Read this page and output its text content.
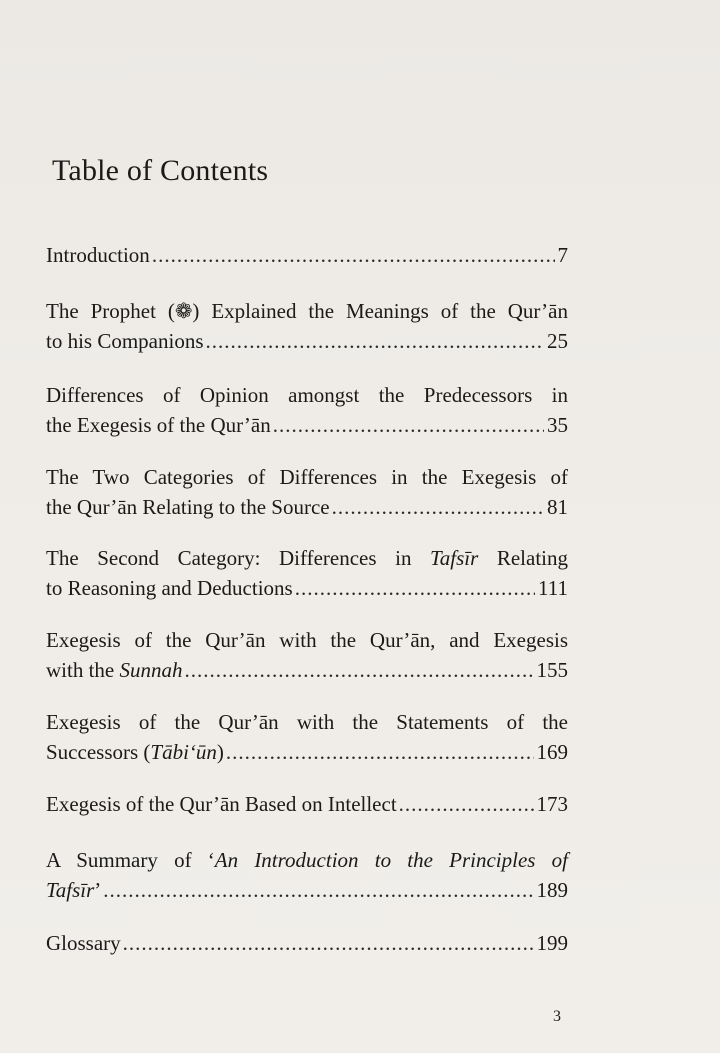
Table of Contents
Introduction .....	7
The Prophet (❁) Explained the Meanings of the Qur’ān
to his Companions .....	25
Differences of Opinion amongst the Predecessors in
the Exegesis of the Qur’ān .....	35
The Two Categories of Differences in the Exegesis of
the Qur’ān Relating to the Source .....	81
The Second Category: Differences in Tafsīr Relating
to Reasoning and Deductions .....	111
Exegesis of the Qur’ān with the Qur’ān, and Exegesis
with the Sunnah .....	155
Exegesis of the Qur’ān with the Statements of the
Successors (Tābi‘ūn) .....	169
Exegesis of the Qur’ān Based on Intellect .....	173
A Summary of ‘An Introduction to the Principles of
Tafsīr’ .....	189
Glossary .....	199
3
